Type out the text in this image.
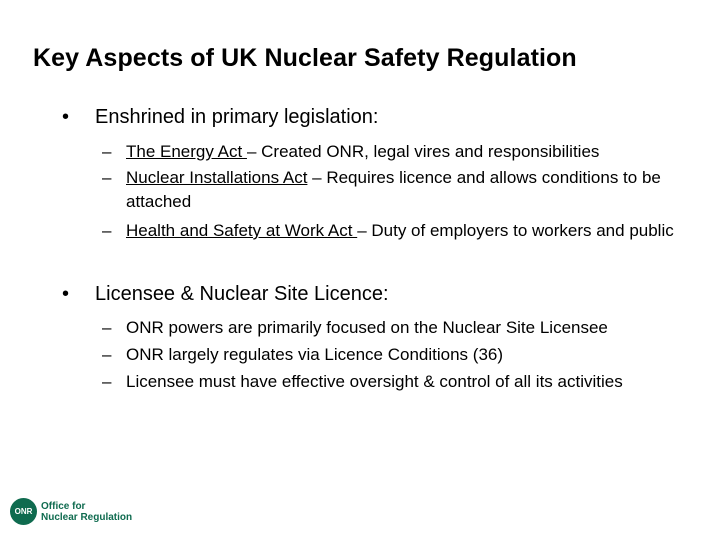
Key Aspects of UK Nuclear Safety Regulation
• Enshrined in primary legislation:
– The Energy Act – Created ONR, legal vires and responsibilities
– Nuclear Installations Act – Requires licence and allows conditions to be attached
– Health and Safety at Work Act – Duty of employers to workers and public
• Licensee & Nuclear Site Licence:
– ONR powers are primarily focused on the Nuclear Site Licensee
– ONR largely regulates via Licence Conditions (36)
– Licensee must have effective oversight & control of all its activities
ONR Office for
Nuclear Regulation
